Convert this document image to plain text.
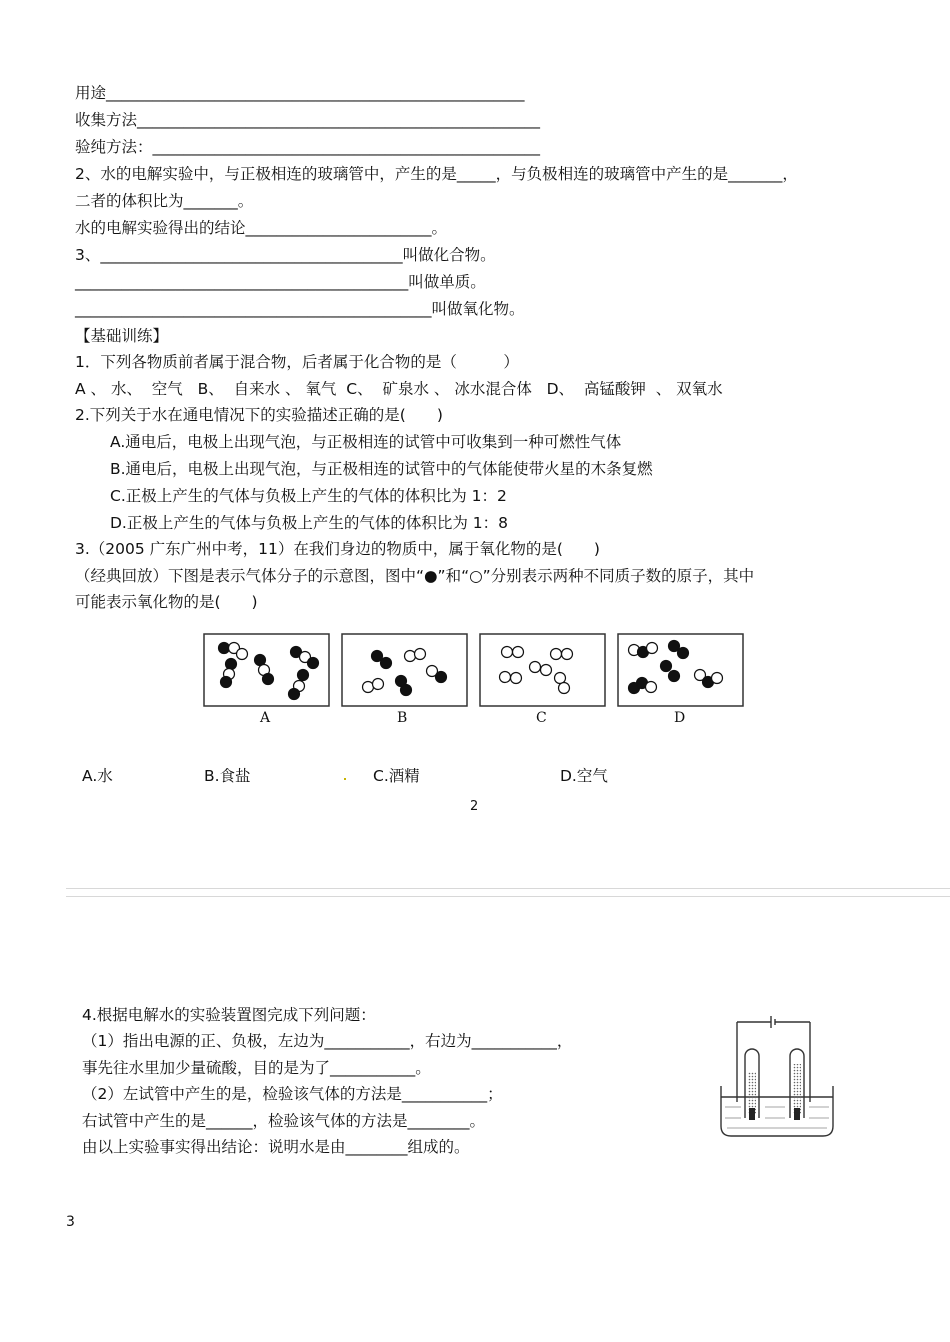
用途______________________________________________________
收集方法____________________________________________________
验纯方法：__________________________________________________
2、水的电解实验中，与正极相连的玻璃管中，产生的是_____，与负极相连的玻璃管中产生的是_______，
二者的体积比为_______。
水的电解实验得出的结论________________________。
3、_______________________________________叫做化合物。
___________________________________________叫做单质。
______________________________________________叫做氧化物。
【基础训练】
1．下列各物质前者属于混合物，后者属于化合物的是（　　　）
A 、 水、  空气   B、  自来水 、 氧气  C、  矿泉水 、 冰水混合体   D、  高锰酸钾  、 双氧水
2.下列关于水在通电情况下的实验描述正确的是(　　)
A.通电后，电极上出现气泡，与正极相连的试管中可收集到一种可燃性气体
B.通电后，电极上出现气泡，与正极相连的试管中的气体能使带火星的木条复燃
C.正极上产生的气体与负极上产生的气体的体积比为 1：2
D.正极上产生的气体与负极上产生的气体的体积比为 1：8
3.（2005 广东广州中考，11）在我们身边的物质中，属于氧化物的是(　　)
（经典回放）下图是表示气体分子的示意图，图中“●”和“○”分别表示两种不同质子数的原子，其中
可能表示氧化物的是(　　)
A	B	C	D
A.水	B.食盐	C.酒精	D.空气
2
4.根据电解水的实验装置图完成下列问题：
（1）指出电源的正、负极，左边为___________，右边为___________，
事先往水里加少量硫酸，目的是为了___________。
（2）左试管中产生的是，检验该气体的方法是___________；
右试管中产生的是______，检验该气体的方法是________。
由以上实验事实得出结论：说明水是由________组成的。
3
